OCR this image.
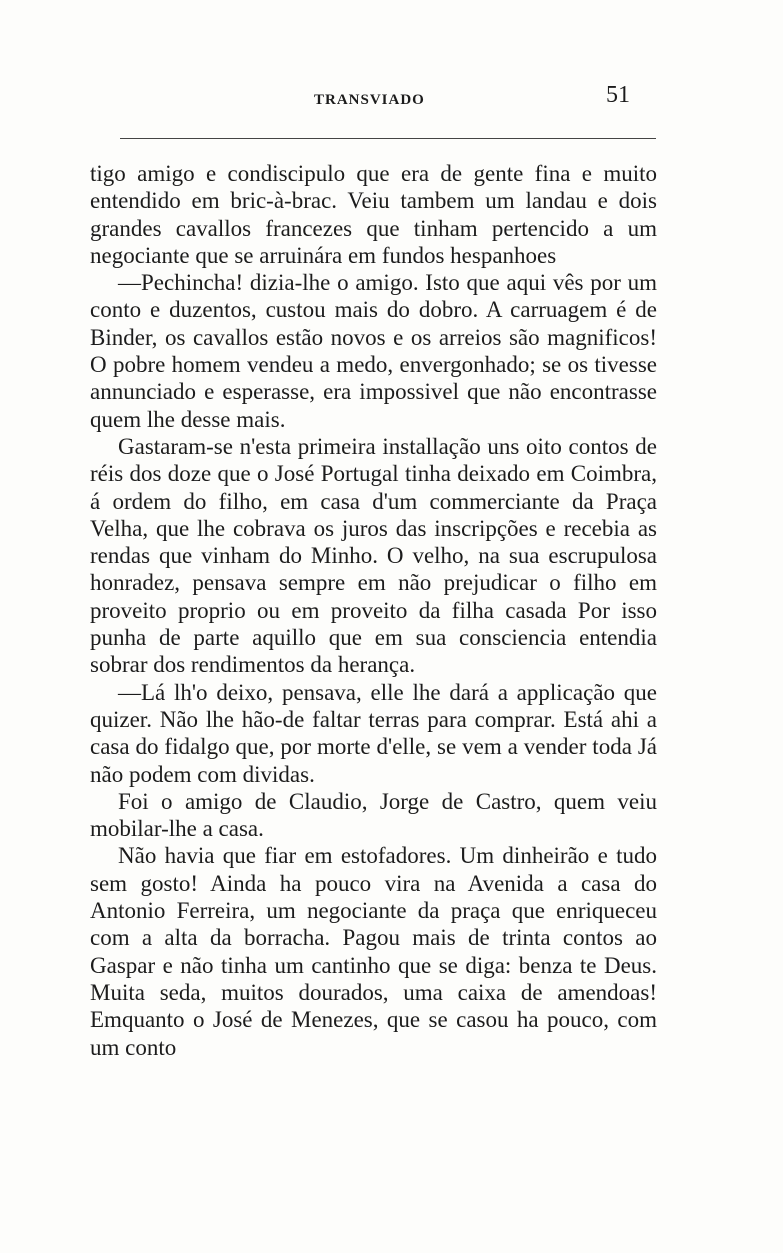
TRANSVIADO	51

tigo amigo e condiscipulo que era de gente fina e muito entendido em bric-à-brac. Veiu tambem um landau e dois grandes cavallos francezes que tinham pertencido a um negociante que se arruinára em fundos hespanhoes

—Pechincha! dizia-lhe o amigo. Isto que aqui vês por um conto e duzentos, custou mais do dobro. A carruagem é de Binder, os cavallos estão novos e os arreios são magnificos! O pobre homem vendeu a medo, envergonhado; se os tivesse annunciado e esperasse, era impossivel que não encontrasse quem lhe desse mais.

Gastaram-se n'esta primeira installação uns oito contos de réis dos doze que o José Portugal tinha deixado em Coimbra, á ordem do filho, em casa d'um commerciante da Praça Velha, que lhe cobrava os juros das inscripções e recebia as rendas que vinham do Minho. O velho, na sua escrupulosa honradez, pensava sempre em não prejudicar o filho em proveito proprio ou em proveito da filha casada Por isso punha de parte aquillo que em sua consciencia entendia sobrar dos rendimentos da herança.

—Lá lh'o deixo, pensava, elle lhe dará a applicação que quizer. Não lhe hão-de faltar terras para comprar. Está ahi a casa do fidalgo que, por morte d'elle, se vem a vender toda Já não podem com dividas.

Foi o amigo de Claudio, Jorge de Castro, quem veiu mobilar-lhe a casa.

Não havia que fiar em estofadores. Um dinheirão e tudo sem gosto! Ainda ha pouco vira na Avenida a casa do Antonio Ferreira, um negociante da praça que enriqueceu com a alta da borracha. Pagou mais de trinta contos ao Gaspar e não tinha um cantinho que se diga: benza te Deus. Muita seda, muitos dourados, uma caixa de amendoas! Emquanto o José de Menezes, que se casou ha pouco, com um conto
